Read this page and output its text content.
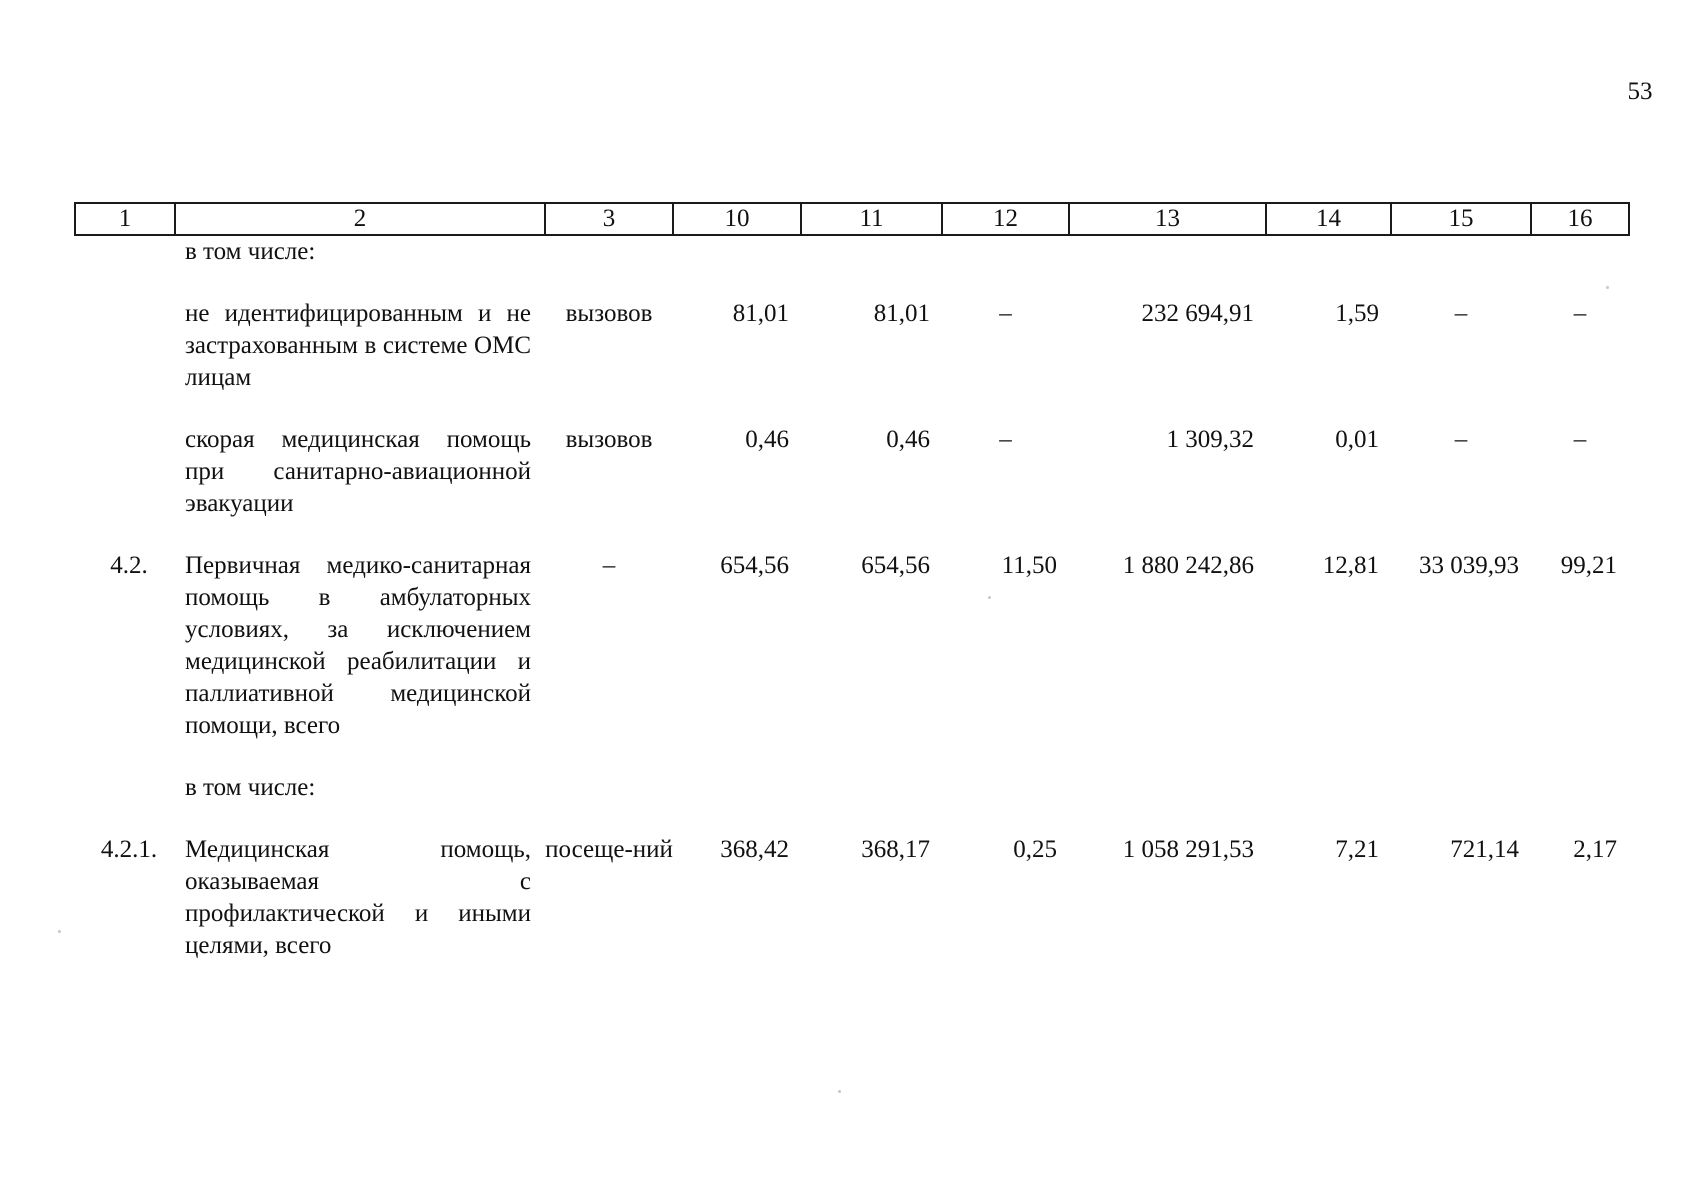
53
1	2	3	10	11	12	13	14	15	16
	в том числе:								
	не идентифицированным и не застрахованным в системе ОМС лицам	вызовов	81,01	81,01	–	232 694,91	1,59	–	–
	скорая медицинская помощь при санитарно-авиационной эвакуации	вызовов	0,46	0,46	–	1 309,32	0,01	–	–
4.2.	Первичная медико-санитарная помощь в амбулаторных условиях, за исключением медицинской реабилитации и паллиативной медицинской помощи, всего	–	654,56	654,56	11,50	1 880 242,86	12,81	33 039,93	99,21
	в том числе:								
4.2.1.	Медицинская помощь, оказываемая с профилактической и иными целями, всего	посеще-ний	368,42	368,17	0,25	1 058 291,53	7,21	721,14	2,17
